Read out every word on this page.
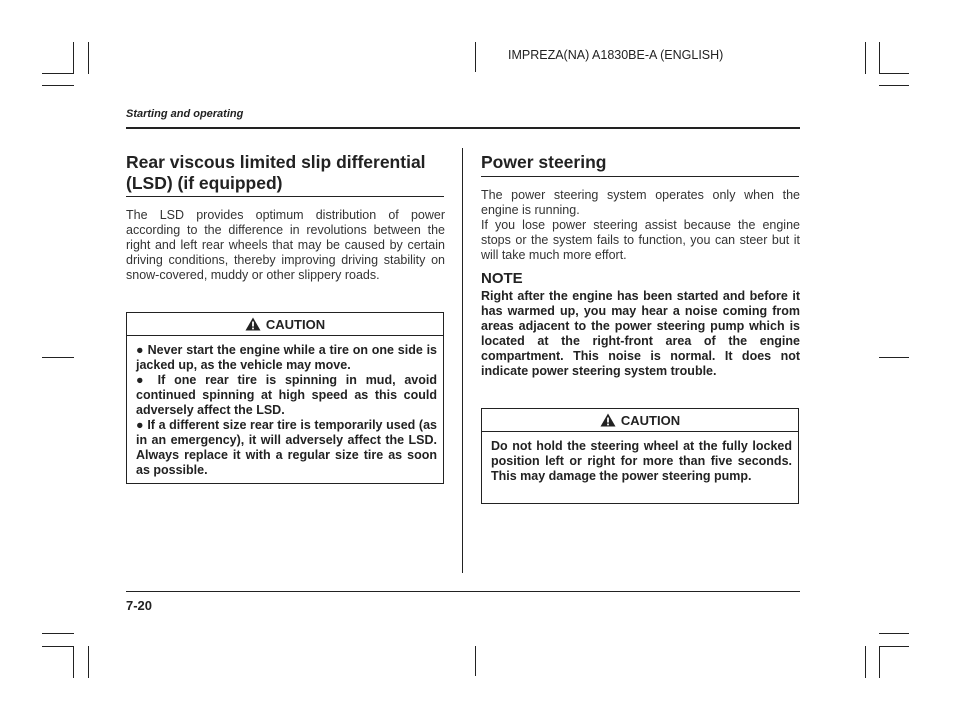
IMPREZA(NA) A1830BE-A (ENGLISH)
Starting and operating
Rear viscous limited slip differential (LSD) (if equipped)
The LSD provides optimum distribution of power according to the difference in revolutions between the right and left rear wheels that may be caused by certain driving conditions, thereby improving driving stability on snow-covered, muddy or other slippery roads.
CAUTION

● Never start the engine while a tire on one side is jacked up, as the vehicle may move.

● If one rear tire is spinning in mud, avoid continued spinning at high speed as this could adversely affect the LSD.

● If a different size rear tire is temporarily used (as in an emergency), it will adversely affect the LSD. Always replace it with a regular size tire as soon as possible.

Power steering

The power steering system operates only when the engine is running.

If you lose power steering assist because the engine stops or the system fails to function, you can steer but it will take much more effort.

NOTE
Right after the engine has been started and before it has warmed up, you may hear a noise coming from areas adjacent to the power steering pump which is located at the right-front area of the engine compartment. This noise is normal. It does not indicate power steering system trouble.
CAUTION
Do not hold the steering wheel at the fully locked position left or right for more than five seconds. This may damage the power steering pump.
7-20
